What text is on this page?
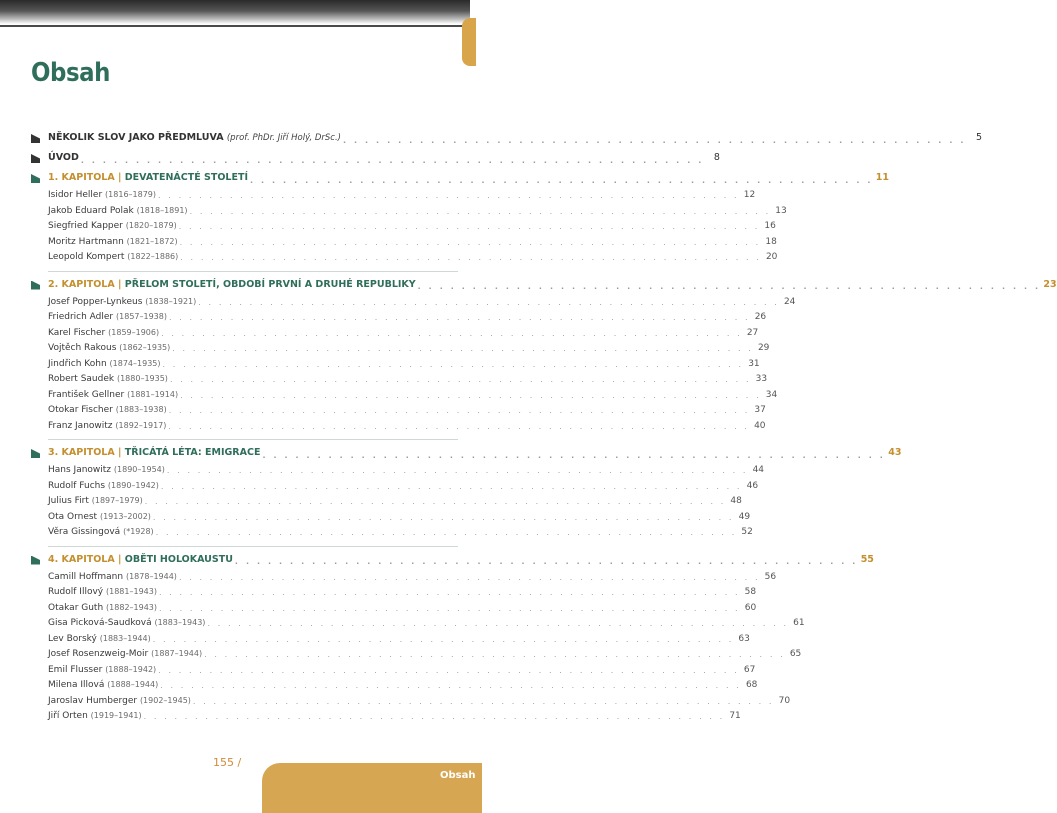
Obsah
NĚKOLIK SLOV JAKO PŘEDMLUVA (prof. PhDr. Jiří Holý, DrSc.) . . . . . . . . . . . . . . . . . . . . . . . . . . . . . . . . . . . . . . . . . . . . . . . . . . . . . . . . .	5
ÚVOD . . . . . . . . . . . . . . . . . . . . . . . . . . . . . . . . . . . . . . . . . . . . . . . . . . . . . . . . .	8
1. KAPITOLA | DEVATENÁCTÉ STOLETÍ . . . . . . . . . . . . . . . . . . . . . . . . . . . . . . . . . . . . . . . . . . . . . . . . . . . . . . . . . 11
Isidor Heller (1816–1879) . . . . . . . . . . . . . . . . . . . . . . . . . . . . . . . . . . . . . . . . . . . . . . . . . . . . . . . . . 12
Jakob Eduard Polak (1818–1891) . . . . . . . . . . . . . . . . . . . . . . . . . . . . . . . . . . . . . . . . . . . . . . . . . . . . . . . . . 13
Siegfried Kapper (1820–1879) . . . . . . . . . . . . . . . . . . . . . . . . . . . . . . . . . . . . . . . . . . . . . . . . . . . . . . . . . 16
Moritz Hartmann (1821–1872) . . . . . . . . . . . . . . . . . . . . . . . . . . . . . . . . . . . . . . . . . . . . . . . . . . . . . . . . . 18
Leopold Kompert (1822–1886) . . . . . . . . . . . . . . . . . . . . . . . . . . . . . . . . . . . . . . . . . . . . . . . . . . . . . . . . . 20
2. KAPITOLA | PŘELOM STOLETÍ, OBDOBÍ PRVNÍ A DRUHÉ REPUBLIKY . . . . . . . . . . . . . . . . . . . . . . . . . . . . . . . . . . . . . . . . . . . . . . . . . . . . . . . . . 23
Josef Popper-Lynkeus (1838–1921) . . . . . . . . . . . . . . . . . . . . . . . . . . . . . . . . . . . . . . . . . . . . . . . . . . . . . . . . . 24
Friedrich Adler (1857–1938) . . . . . . . . . . . . . . . . . . . . . . . . . . . . . . . . . . . . . . . . . . . . . . . . . . . . . . . . . 26
Karel Fischer (1859–1906) . . . . . . . . . . . . . . . . . . . . . . . . . . . . . . . . . . . . . . . . . . . . . . . . . . . . . . . . . 27
Vojtěch Rakous (1862–1935) . . . . . . . . . . . . . . . . . . . . . . . . . . . . . . . . . . . . . . . . . . . . . . . . . . . . . . . . . 29
Jindřich Kohn (1874–1935) . . . . . . . . . . . . . . . . . . . . . . . . . . . . . . . . . . . . . . . . . . . . . . . . . . . . . . . . . 31
Robert Saudek (1880–1935) . . . . . . . . . . . . . . . . . . . . . . . . . . . . . . . . . . . . . . . . . . . . . . . . . . . . . . . . . 33
František Gellner (1881–1914) . . . . . . . . . . . . . . . . . . . . . . . . . . . . . . . . . . . . . . . . . . . . . . . . . . . . . . . . . 34
Otokar Fischer (1883–1938) . . . . . . . . . . . . . . . . . . . . . . . . . . . . . . . . . . . . . . . . . . . . . . . . . . . . . . . . . 37
Franz Janowitz (1892–1917) . . . . . . . . . . . . . . . . . . . . . . . . . . . . . . . . . . . . . . . . . . . . . . . . . . . . . . . . . 40
3. KAPITOLA | TŘICÁTÁ LÉTA: EMIGRACE . . . . . . . . . . . . . . . . . . . . . . . . . . . . . . . . . . . . . . . . . . . . . . . . . . . . . . . . . 43
Hans Janowitz (1890–1954) . . . . . . . . . . . . . . . . . . . . . . . . . . . . . . . . . . . . . . . . . . . . . . . . . . . . . . . . . 44
Rudolf Fuchs (1890–1942) . . . . . . . . . . . . . . . . . . . . . . . . . . . . . . . . . . . . . . . . . . . . . . . . . . . . . . . . . 46
Julius Firt (1897–1979) . . . . . . . . . . . . . . . . . . . . . . . . . . . . . . . . . . . . . . . . . . . . . . . . . . . . . . . . . 48
Ota Ornest (1913–2002) . . . . . . . . . . . . . . . . . . . . . . . . . . . . . . . . . . . . . . . . . . . . . . . . . . . . . . . . . 49
Věra Gissingová (*1928) . . . . . . . . . . . . . . . . . . . . . . . . . . . . . . . . . . . . . . . . . . . . . . . . . . . . . . . . . 52
4. KAPITOLA | OBĚTI HOLOKAUSTU . . . . . . . . . . . . . . . . . . . . . . . . . . . . . . . . . . . . . . . . . . . . . . . . . . . . . . . . . 55
Camill Hoffmann (1878–1944) . . . . . . . . . . . . . . . . . . . . . . . . . . . . . . . . . . . . . . . . . . . . . . . . . . . . . . . . . 56
Rudolf Illový (1881–1943) . . . . . . . . . . . . . . . . . . . . . . . . . . . . . . . . . . . . . . . . . . . . . . . . . . . . . . . . . 58
Otakar Guth (1882–1943) . . . . . . . . . . . . . . . . . . . . . . . . . . . . . . . . . . . . . . . . . . . . . . . . . . . . . . . . . 60
Gisa Picková-Saudková (1883–1943) . . . . . . . . . . . . . . . . . . . . . . . . . . . . . . . . . . . . . . . . . . . . . . . . . . . . . . . . . 61
Lev Borský (1883–1944) . . . . . . . . . . . . . . . . . . . . . . . . . . . . . . . . . . . . . . . . . . . . . . . . . . . . . . . . . 63
Josef Rosenzweig-Moir (1887–1944) . . . . . . . . . . . . . . . . . . . . . . . . . . . . . . . . . . . . . . . . . . . . . . . . . . . . . . . . . 65
Emil Flusser (1888–1942) . . . . . . . . . . . . . . . . . . . . . . . . . . . . . . . . . . . . . . . . . . . . . . . . . . . . . . . . . 67
Milena Illová (1888–1944) . . . . . . . . . . . . . . . . . . . . . . . . . . . . . . . . . . . . . . . . . . . . . . . . . . . . . . . . . 68
Jaroslav Humberger (1902–1945) . . . . . . . . . . . . . . . . . . . . . . . . . . . . . . . . . . . . . . . . . . . . . . . . . . . . . . . . . 70
Jiří Orten (1919–1941) . . . . . . . . . . . . . . . . . . . . . . . . . . . . . . . . . . . . . . . . . . . . . . . . . . . . . . . . . 71
155 /
Obsah
